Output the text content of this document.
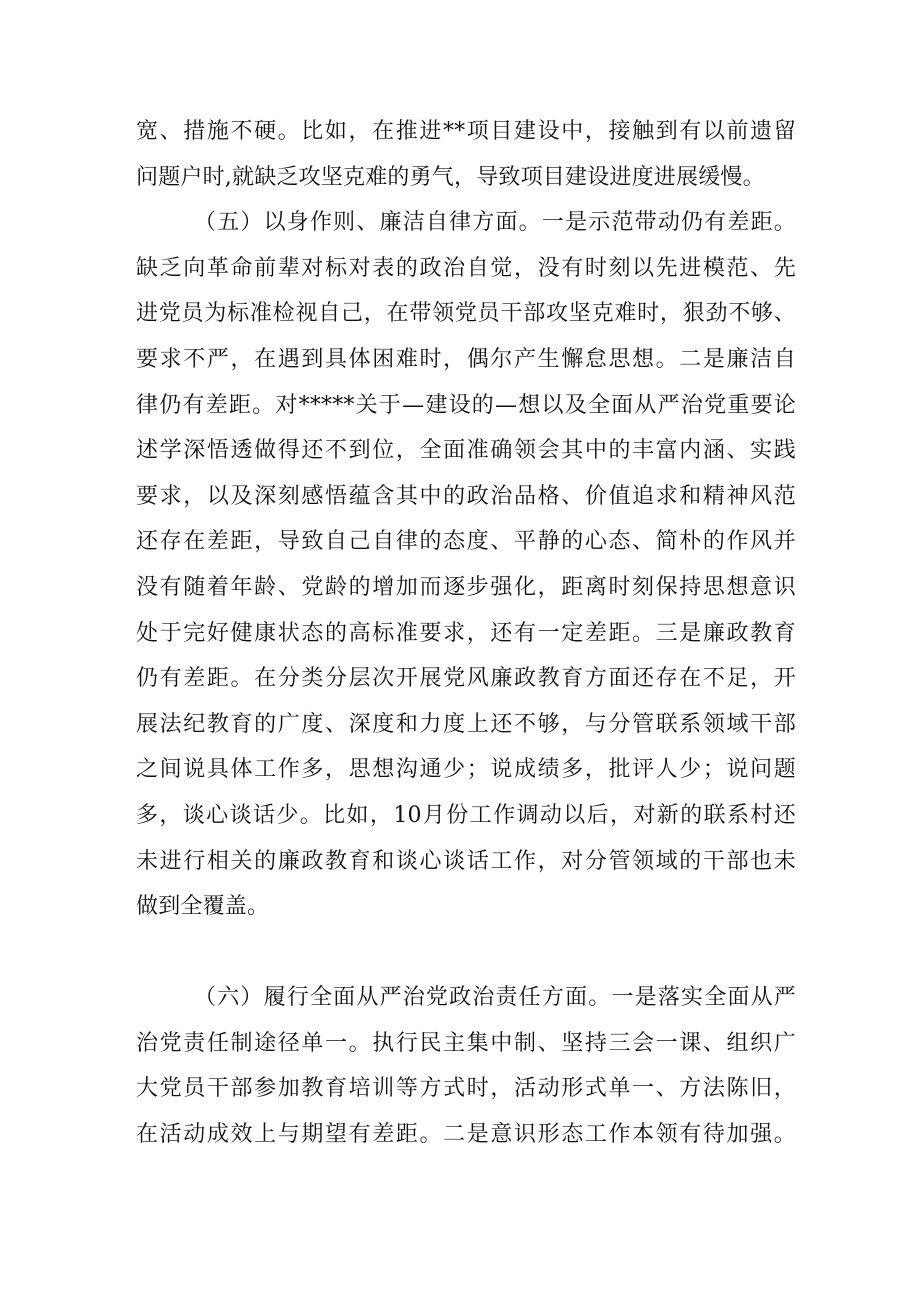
宽、措施不硬。比如，在推进**项目建设中，接触到有以前遗留
问题户时,就缺乏攻坚克难的勇气，导致项目建设进度进展缓慢。
（五）以身作则、廉洁自律方面。一是示范带动仍有差距。
缺乏向革命前辈对标对表的政治自觉，没有时刻以先进模范、先
进党员为标准检视自己，在带领党员干部攻坚克难时，狠劲不够、
要求不严，在遇到具体困难时，偶尔产生懈怠思想。二是廉洁自
律仍有差距。对*****关于—建设的—想以及全面从严治党重要论
述学深悟透做得还不到位，全面准确领会其中的丰富内涵、实践
要求，以及深刻感悟蕴含其中的政治品格、价值追求和精神风范
还存在差距，导致自己自律的态度、平静的心态、简朴的作风并
没有随着年龄、党龄的增加而逐步强化，距离时刻保持思想意识
处于完好健康状态的高标准要求，还有一定差距。三是廉政教育
仍有差距。在分类分层次开展党风廉政教育方面还存在不足，开
展法纪教育的广度、深度和力度上还不够，与分管联系领域干部
之间说具体工作多，思想沟通少；说成绩多，批评人少；说问题
多，谈心谈话少。比如，10月份工作调动以后，对新的联系村还
未进行相关的廉政教育和谈心谈话工作，对分管领域的干部也未
做到全覆盖。
（六）履行全面从严治党政治责任方面。一是落实全面从严
治党责任制途径单一。执行民主集中制、坚持三会一课、组织广
大党员干部参加教育培训等方式时，活动形式单一、方法陈旧，
在活动成效上与期望有差距。二是意识形态工作本领有待加强。
